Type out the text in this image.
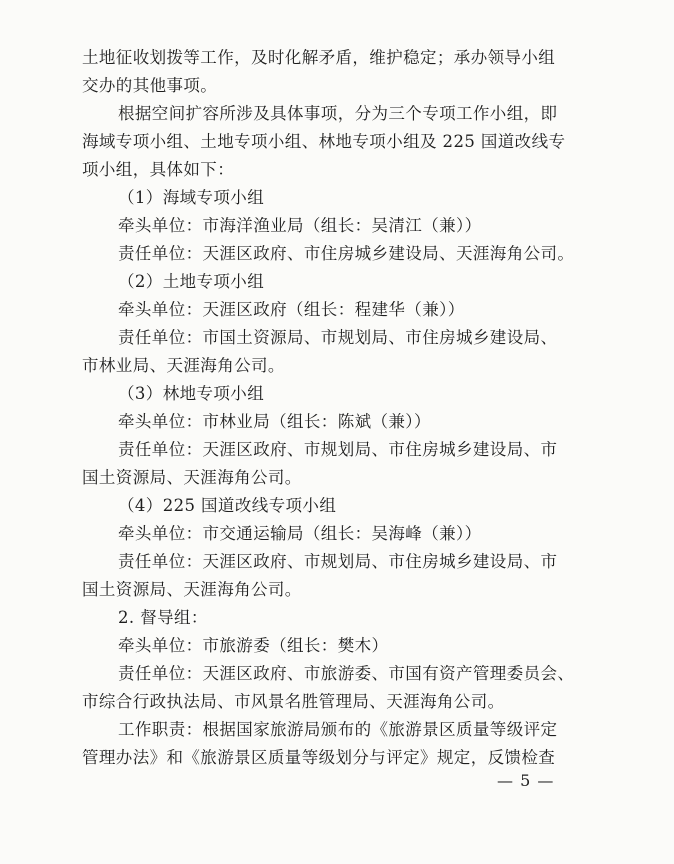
土地征收划拨等工作，及时化解矛盾，维护稳定；承办领导小组
交办的其他事项。
根据空间扩容所涉及具体事项，分为三个专项工作小组，即
海域专项小组、土地专项小组、林地专项小组及 225 国道改线专
项小组，具体如下：
（1）海域专项小组
牵头单位：市海洋渔业局（组长：吴清江（兼））
责任单位：天涯区政府、市住房城乡建设局、天涯海角公司。
（2）土地专项小组
牵头单位：天涯区政府（组长：程建华（兼））
责任单位：市国土资源局、市规划局、市住房城乡建设局、
市林业局、天涯海角公司。
（3）林地专项小组
牵头单位：市林业局（组长：陈斌（兼））
责任单位：天涯区政府、市规划局、市住房城乡建设局、市
国土资源局、天涯海角公司。
（4）225 国道改线专项小组
牵头单位：市交通运输局（组长：吴海峰（兼））
责任单位：天涯区政府、市规划局、市住房城乡建设局、市
国土资源局、天涯海角公司。
2. 督导组：
牵头单位：市旅游委（组长：樊木）
责任单位：天涯区政府、市旅游委、市国有资产管理委员会、
市综合行政执法局、市风景名胜管理局、天涯海角公司。
工作职责：根据国家旅游局颁布的《旅游景区质量等级评定
管理办法》和《旅游景区质量等级划分与评定》规定，反馈检查
— 5 —
